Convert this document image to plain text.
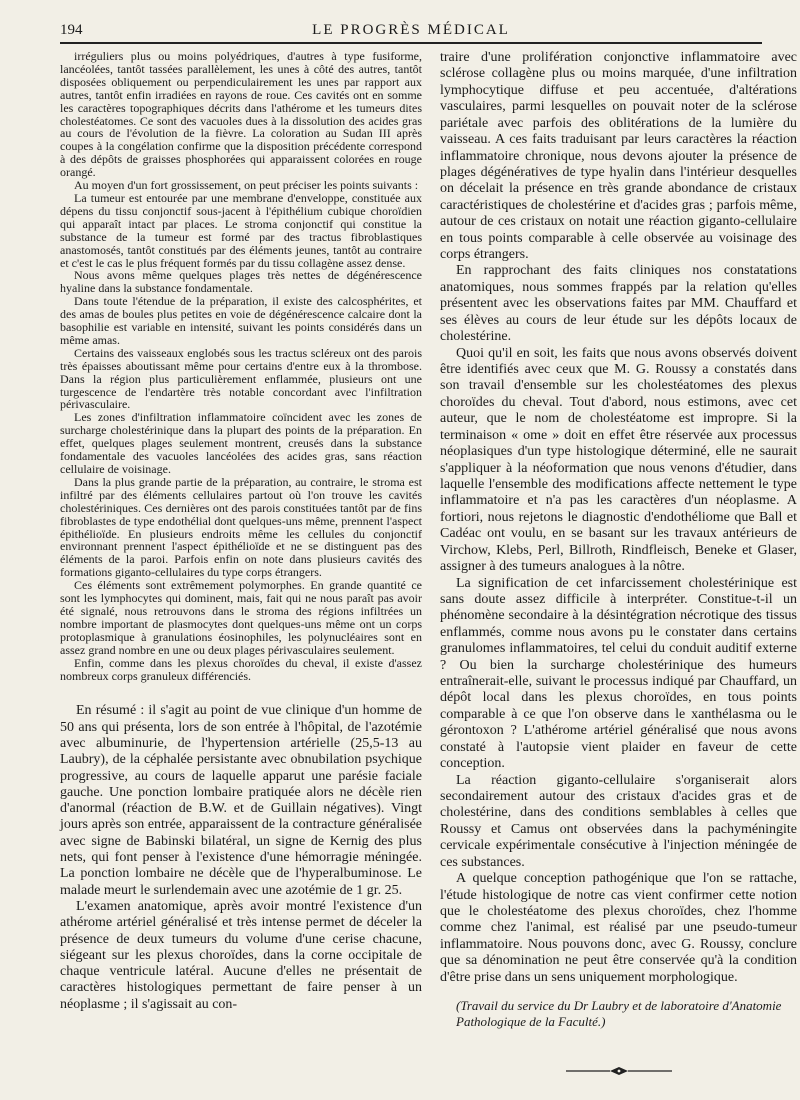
194	LE PROGRÈS MÉDICAL

irréguliers plus ou moins polyédriques, d'autres à type fusiforme, lancéolées, tantôt tassées parallèlement, les unes à côté des autres, tantôt disposées obliquement ou perpendiculairement les unes par rapport aux autres, tantôt enfin irradiées en rayons de roue. Ces cavités ont en somme les caractères topographiques décrits dans l'athérome et les tumeurs dites cholestéatomes. Ce sont des vacuoles dues à la dissolution des acides gras au cours de l'évolution de la fièvre. La coloration au Sudan III après coupes à la congélation confirme que la disposition précédente correspond à des dépôts de graisses phosphorées qui apparaissent colorées en rouge orangé.

Au moyen d'un fort grossissement, on peut préciser les points suivants :

La tumeur est entourée par une membrane d'enveloppe, constituée aux dépens du tissu conjonctif sous-jacent à l'épithélium cubique choroïdien qui apparaît intact par places. Le stroma conjonctif qui constitue la substance de la tumeur est formé par des tractus fibroblastiques anastomosés, tantôt constitués par des éléments jeunes, tantôt au contraire et c'est le cas le plus fréquent formés par du tissu collagène assez dense.

Nous avons même quelques plages très nettes de dégénérescence hyaline dans la substance fondamentale.

Dans toute l'étendue de la préparation, il existe des calcosphérites, et des amas de boules plus petites en voie de dégénérescence calcaire dont la basophilie est variable en intensité, suivant les points considérés dans un même amas.

Certains des vaisseaux englobés sous les tractus scléreux ont des parois très épaisses aboutissant même pour certains d'entre eux à la thrombose. Dans la région plus particulièrement enflammée, plusieurs ont une turgescence de l'endartère très notable concordant avec l'infiltration périvasculaire.

Les zones d'infiltration inflammatoire coïncident avec les zones de surcharge cholestérinique dans la plupart des points de la préparation. En effet, quelques plages seulement montrent, creusés dans la substance fondamentale des vacuoles lancéolées des acides gras, sans réaction cellulaire de voisinage.

Dans la plus grande partie de la préparation, au contraire, le stroma est infiltré par des éléments cellulaires partout où l'on trouve les cavités cholestériniques. Ces dernières ont des parois constituées tantôt par de fins fibroblastes de type endothélial dont quelques-uns même, prennent l'aspect épithélioïde. En plusieurs endroits même les cellules du conjonctif environnant prennent l'aspect épithélioïde et ne se distinguent pas des éléments de la paroi. Parfois enfin on note dans plusieurs cavités des formations giganto-cellulaires du type corps étrangers.

Ces éléments sont extrêmement polymorphes. En grande quantité ce sont les lymphocytes qui dominent, mais, fait qui ne nous paraît pas avoir été signalé, nous retrouvons dans le stroma des régions infiltrées un nombre important de plasmocytes dont quelques-uns même ont un corps protoplasmique à granulations éosinophiles, les polynucléaires sont en assez grand nombre en une ou deux plages périvasculaires seulement.

Enfin, comme dans les plexus choroïdes du cheval, il existe d'assez nombreux corps granuleux différenciés.

En résumé : il s'agit au point de vue clinique d'un homme de 50 ans qui présenta, lors de son entrée à l'hôpital, de l'azotémie avec albuminurie, de l'hypertension artérielle (25,5-13 au Laubry), de la céphalée persistante avec obnubilation psychique progressive, au cours de laquelle apparut une parésie faciale gauche. Une ponction lombaire pratiquée alors ne décèle rien d'anormal (réaction de B.W. et de Guillain négatives). Vingt jours après son entrée, apparaissent de la contracture généralisée avec signe de Babinski bilatéral, un signe de Kernig des plus nets, qui font penser à l'existence d'une hémorragie méningée. La ponction lombaire ne décèle que de l'hyperalbuminose. Le malade meurt le surlendemain avec une azotémie de 1 gr. 25.

L'examen anatomique, après avoir montré l'existence d'un athérome artériel généralisé et très intense permet de déceler la présence de deux tumeurs du volume d'une cerise chacune, siégeant sur les plexus choroïdes, dans la corne occipitale de chaque ventricule latéral. Aucune d'elles ne présentait de caractères histologiques permettant de faire penser à un néoplasme ; il s'agissait au con-

traire d'une prolifération conjonctive inflammatoire avec sclérose collagène plus ou moins marquée, d'une infiltration lymphocytique diffuse et peu accentuée, d'altérations vasculaires, parmi lesquelles on pouvait noter de la sclérose pariétale avec parfois des oblitérations de la lumière du vaisseau. A ces faits traduisant par leurs caractères la réaction inflammatoire chronique, nous devons ajouter la présence de plages dégénératives de type hyalin dans l'intérieur desquelles on décelait la présence en très grande abondance de cristaux caractéristiques de cholestérine et d'acides gras ; parfois même, autour de ces cristaux on notait une réaction giganto-cellulaire en tous points comparable à celle observée au voisinage des corps étrangers.

En rapprochant des faits cliniques nos constatations anatomiques, nous sommes frappés par la relation qu'elles présentent avec les observations faites par MM. Chauffard et ses élèves au cours de leur étude sur les dépôts locaux de cholestérine.

Quoi qu'il en soit, les faits que nous avons observés doivent être identifiés avec ceux que M. G. Roussy a constatés dans son travail d'ensemble sur les cholestéatomes des plexus choroïdes du cheval. Tout d'abord, nous estimons, avec cet auteur, que le nom de cholestéatome est impropre. Si la terminaison « ome » doit en effet être réservée aux processus néoplasiques d'un type histologique déterminé, elle ne saurait s'appliquer à la néoformation que nous venons d'étudier, dans laquelle l'ensemble des modifications affecte nettement le type inflammatoire et n'a pas les caractères d'un néoplasme. A fortiori, nous rejetons le diagnostic d'endothéliome que Ball et Cadéac ont voulu, en se basant sur les travaux antérieurs de Virchow, Klebs, Perl, Billroth, Rindfleisch, Beneke et Glaser, assigner à des tumeurs analogues à la nôtre.

La signification de cet infarcissement cholestérinique est sans doute assez difficile à interpréter. Constitue-t-il un phénomène secondaire à la désintégration nécrotique des tissus enflammés, comme nous avons pu le constater dans certains granulomes inflammatoires, tel celui du conduit auditif externe ? Ou bien la surcharge cholestérinique des humeurs entraînerait-elle, suivant le processus indiqué par Chauffard, un dépôt local dans les plexus choroïdes, en tous points comparable à ce que l'on observe dans le xanthélasma ou le gérontoxon ? L'athérome artériel généralisé que nous avons constaté à l'autopsie vient plaider en faveur de cette conception.

La réaction giganto-cellulaire s'organiserait alors secondairement autour des cristaux d'acides gras et de cholestérine, dans des conditions semblables à celles que Roussy et Camus ont observées dans la pachyméningite cervicale expérimentale consécutive à l'injection méningée de ces substances.

A quelque conception pathogénique que l'on se rattache, l'étude histologique de notre cas vient confirmer cette notion que le cholestéatome des plexus choroïdes, chez l'homme comme chez l'animal, est réalisé par une pseudo-tumeur inflammatoire. Nous pouvons donc, avec G. Roussy, conclure que sa dénomination ne peut être conservée qu'à la condition d'être prise dans un sens uniquement morphologique.

(Travail du service du Dr Laubry et de laboratoire d'Anatomie Pathologique de la Faculté.)
